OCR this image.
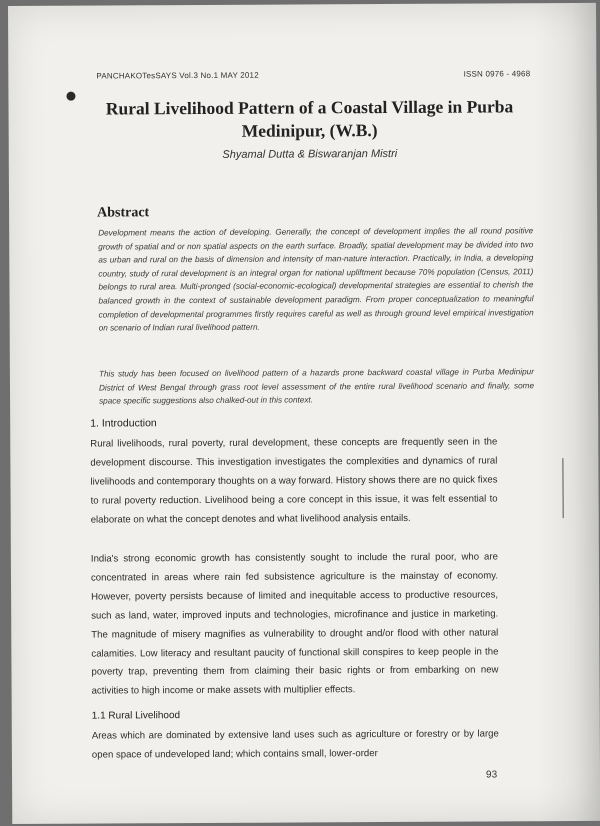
PANCHAKOTesSAYS Vol.3 No.1 MAY 2012	ISSN 0976 - 4968
Rural Livelihood Pattern of a Coastal Village in Purba Medinipur, (W.B.)
Shyamal Dutta & Biswaranjan Mistri
Abstract

Development means the action of developing. Generally, the concept of development implies the all round positive growth of spatial and or non spatial aspects on the earth surface. Broadly, spatial development may be divided into two as urban and rural on the basis of dimension and intensity of man-nature interaction. Practically, in India, a developing country, study of rural development is an integral organ for national upliftment because 70% population (Census, 2011) belongs to rural area. Multi-pronged (social-economic-ecological) developmental strategies are essential to cherish the balanced growth in the context of sustainable development paradigm. From proper conceptualization to meaningful completion of developmental programmes firstly requires careful as well as through ground level empirical investigation on scenario of Indian rural livelihood pattern.

This study has been focused on livelihood pattern of a hazards prone backward coastal village in Purba Medinipur District of West Bengal through grass root level assessment of the entire rural livelihood scenario and finally, some space specific suggestions also chalked-out in this context.

1. Introduction

Rural livelihoods, rural poverty, rural development, these concepts are frequently seen in the development discourse. This investigation investigates the complexities and dynamics of rural livelihoods and contemporary thoughts on a way forward. History shows there are no quick fixes to rural poverty reduction. Livelihood being a core concept in this issue, it was felt essential to elaborate on what the concept denotes and what livelihood analysis entails.

India's strong economic growth has consistently sought to include the rural poor, who are concentrated in areas where rain fed subsistence agriculture is the mainstay of economy. However, poverty persists because of limited and inequitable access to productive resources, such as land, water, improved inputs and technologies, microfinance and justice in marketing. The magnitude of misery magnifies as vulnerability to drought and/or flood with other natural calamities. Low literacy and resultant paucity of functional skill conspires to keep people in the poverty trap, preventing them from claiming their basic rights or from embarking on new activities to high income or make assets with multiplier effects.

1.1 Rural Livelihood

Areas which are dominated by extensive land uses such as agriculture or forestry or by large open space of undeveloped land; which contains small, lower-order

93
